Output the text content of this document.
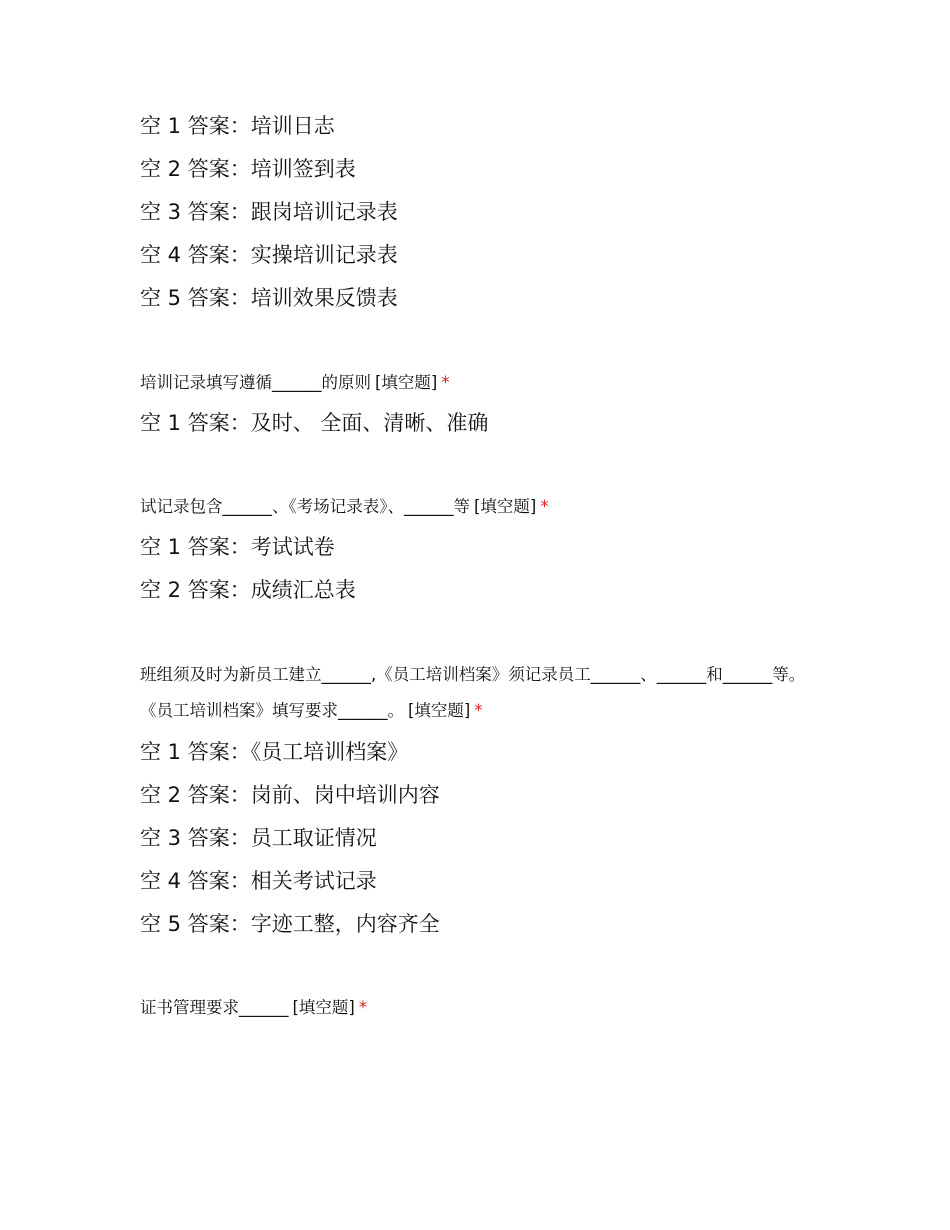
空 1 答案：培训日志
空 2 答案：培训签到表
空 3 答案：跟岗培训记录表
空 4 答案：实操培训记录表
空 5 答案：培训效果反馈表

培训记录填写遵循______的原则 [填空题] *

空 1 答案：及时、 全面、清晰、准确

试记录包含______、《考场记录表》、______等 [填空题] *

空 1 答案：考试试卷
空 2 答案：成绩汇总表

班组须及时为新员工建立______,《员工培训档案》须记录员工______、______和______等。《员工培训档案》填写要求______。 [填空题] *

空 1 答案：《员工培训档案》
空 2 答案：岗前、岗中培训内容
空 3 答案：员工取证情况
空 4 答案：相关考试记录
空 5 答案：字迹工整，内容齐全

证书管理要求______ [填空题] *
